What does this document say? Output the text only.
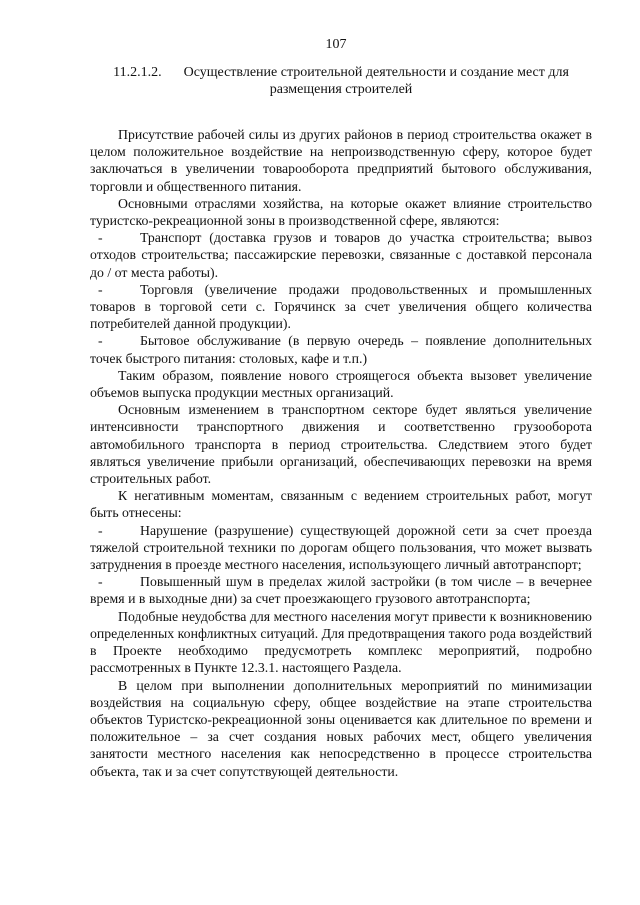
107
11.2.1.2. Осуществление строительной деятельности и создание мест для размещения строителей

Присутствие рабочей силы из других районов в период строительства окажет в целом положительное воздействие на непроизводственную сферу, которое будет заключаться в увеличении товарооборота предприятий бытового обслуживания, торговли и общественного питания.

Основными отраслями хозяйства, на которые окажет влияние строительство туристско-рекреационной зоны в производственной сфере, являются:

-	Транспорт (доставка грузов и товаров до участка строительства; вывоз отходов строительства; пассажирские перевозки, связанные с доставкой персонала до / от места работы).

-	Торговля (увеличение продажи продовольственных и промышленных товаров в торговой сети с. Горячинск за счет увеличения общего количества потребителей данной продукции).

-	Бытовое обслуживание (в первую очередь – появление дополнительных точек быстрого питания: столовых, кафе и т.п.)

Таким образом, появление нового строящегося объекта вызовет увеличение объемов выпуска продукции местных организаций.

Основным изменением в транспортном секторе будет являться увеличение интенсивности транспортного движения и соответственно грузооборота автомобильного транспорта в период строительства. Следствием этого будет являться увеличение прибыли организаций, обеспечивающих перевозки на время строительных работ.

К негативным моментам, связанным с ведением строительных работ, могут быть отнесены:

-	Нарушение (разрушение) существующей дорожной сети за счет проезда тяжелой строительной техники по дорогам общего пользования, что может вызвать затруднения в проезде местного населения, использующего личный автотранспорт;

-	Повышенный шум в пределах жилой застройки (в том числе – в вечернее время и в выходные дни) за счет проезжающего грузового автотранспорта;

Подобные неудобства для местного населения могут привести к возникновению определенных конфликтных ситуаций. Для предотвращения такого рода воздействий в Проекте необходимо предусмотреть комплекс мероприятий, подробно рассмотренных в Пункте 12.3.1. настоящего Раздела.

В целом при выполнении дополнительных мероприятий по минимизации воздействия на социальную сферу, общее воздействие на этапе строительства объектов Туристско-рекреационной зоны оценивается как длительное по времени и положительное – за счет создания новых рабочих мест, общего увеличения занятости местного населения как непосредственно в процессе строительства объекта, так и за счет сопутствующей деятельности.
